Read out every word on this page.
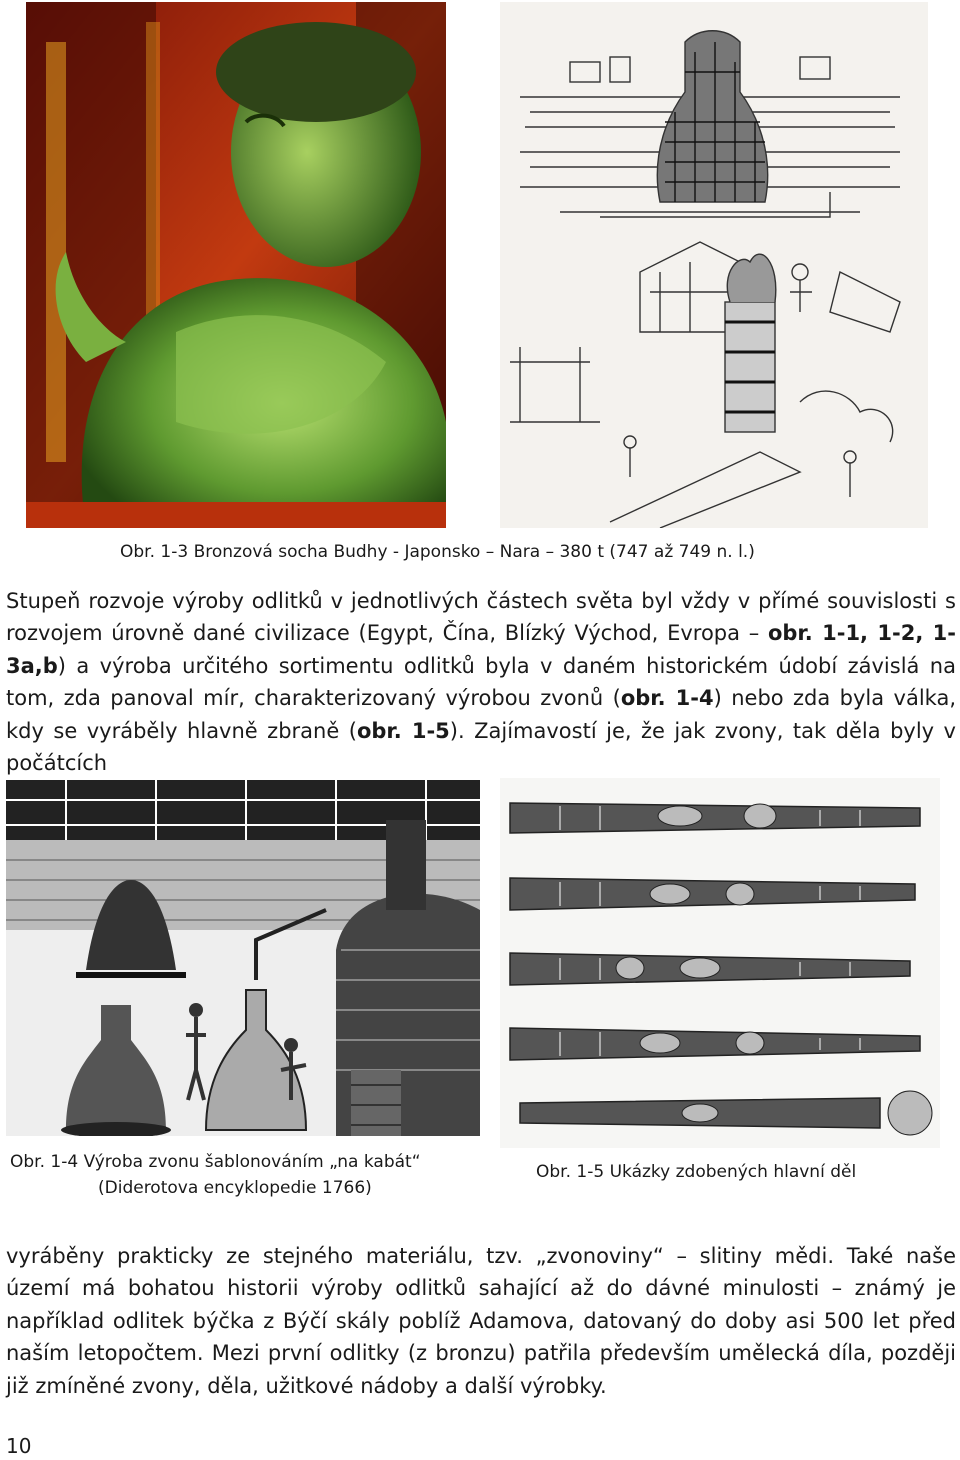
Obr. 1-3 Bronzová socha Budhy - Japonsko – Nara – 380 t (747 až 749 n. l.)
Stupeň rozvoje výroby odlitků v jednotlivých částech světa byl vždy v přímé souvislosti s rozvojem úrovně dané civilizace (Egypt, Čína, Blízký Východ, Evropa – obr. 1-1, 1-2, 1-3a,b) a výroba určitého sortimentu odlitků byla v daném historickém údobí závislá na tom, zda panoval mír, charakterizovaný výrobou zvonů (obr. 1-4) nebo zda byla válka, kdy se vyráběly hlavně zbraně (obr. 1-5). Zajímavostí je, že jak zvony, tak děla byly v počátcích
Obr. 1-4 Výroba zvonu šablonováním „na kabát“
(Diderotova encyklopedie 1766)
Obr. 1-5 Ukázky zdobených hlavní děl
vyráběny prakticky ze stejného materiálu, tzv. „zvonoviny“ – slitiny mědi. Také naše území má bohatou historii výroby odlitků sahající až do dávné minulosti – známý je například odlitek býčka z Býčí skály poblíž Adamova, datovaný do doby asi 500 let před naším letopočtem. Mezi první odlitky (z bronzu) patřila především umělecká díla, později již zmíněné zvony, děla, užitkové nádoby a další výrobky.
10
